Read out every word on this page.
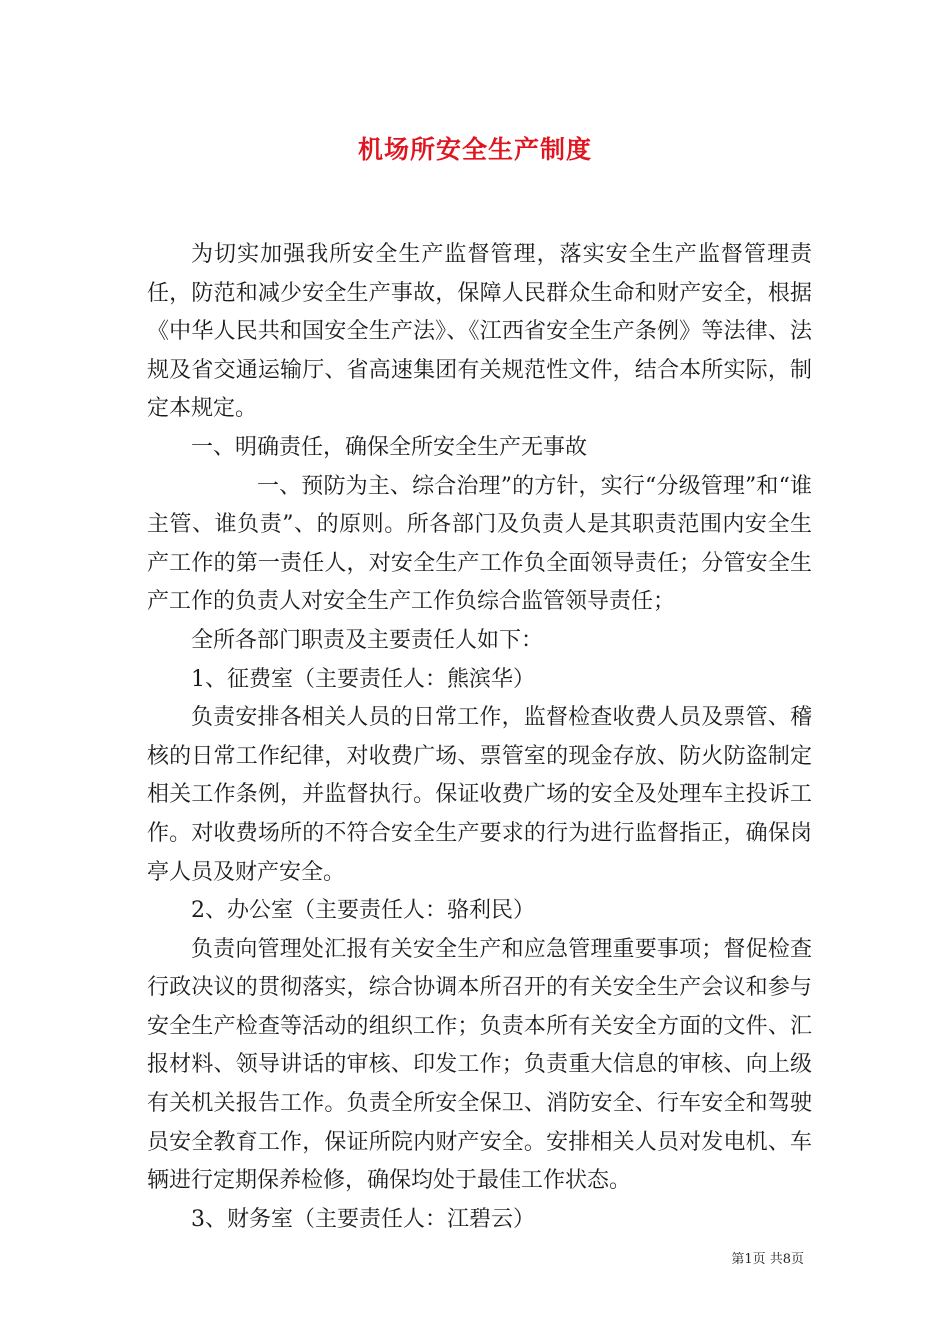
机场所安全生产制度

为切实加强我所安全生产监督管理，落实安全生产监督管理责任，防范和减少安全生产事故，保障人民群众生命和财产安全，根据《中华人民共和国安全生产法》、《江西省安全生产条例》等法律、法规及省交通运输厅、省高速集团有关规范性文件，结合本所实际，制定本规定。

一、明确责任，确保全所安全生产无事故

一、预防为主、综合治理”的方针，实行“分级管理”和“谁主管、谁负责”、的原则。所各部门及负责人是其职责范围内安全生产工作的第一责任人，对安全生产工作负全面领导责任；分管安全生产工作的负责人对安全生产工作负综合监管领导责任；

全所各部门职责及主要责任人如下：

1、征费室（主要责任人：熊滨华）

负责安排各相关人员的日常工作，监督检查收费人员及票管、稽核的日常工作纪律，对收费广场、票管室的现金存放、防火防盗制定相关工作条例，并监督执行。保证收费广场的安全及处理车主投诉工作。对收费场所的不符合安全生产要求的行为进行监督指正，确保岗亭人员及财产安全。

2、办公室（主要责任人：骆利民）

负责向管理处汇报有关安全生产和应急管理重要事项；督促检查行政决议的贯彻落实，综合协调本所召开的有关安全生产会议和参与安全生产检查等活动的组织工作；负责本所有关安全方面的文件、汇报材料、领导讲话的审核、印发工作；负责重大信息的审核、向上级有关机关报告工作。负责全所安全保卫、消防安全、行车安全和驾驶员安全教育工作，保证所院内财产安全。安排相关人员对发电机、车辆进行定期保养检修，确保均处于最佳工作状态。

3、财务室（主要责任人：江碧云）

第1页 共8页
